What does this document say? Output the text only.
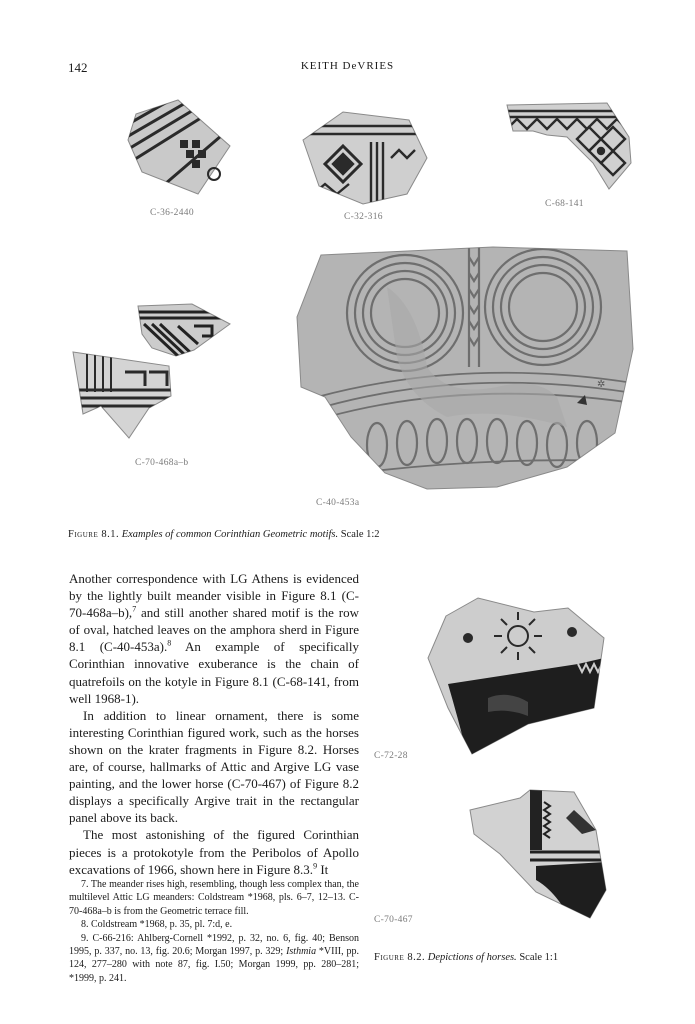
142	KEITH DeVRIES
C-36-2440	C-32-316
C-68-141
C-70-468a–b
✲
C-40-453a
Figure 8.1. Examples of common Corinthian Geometric motifs. Scale 1:2

Another correspondence with LG Athens is evidenced by the lightly built meander visible in Figure 8.1 (C-70-468a–b),$^7$ and still another shared motif is the row of oval, hatched leaves on the amphora sherd in Figure 8.1 (C-40-453a).$^8$ An example of specifically Corinthian innovative exuberance is the chain of quatrefoils on the kotyle in Figure 8.1 (C-68-141, from well 1968-1).

In addition to linear ornament, there is some interesting Corinthian figured work, such as the horses shown on the krater fragments in Figure 8.2. Horses are, of course, hallmarks of Attic and Argive LG vase painting, and the lower horse (C-70-467) of Figure 8.2 displays a specifically Argive trait in the rectangular panel above its back.

The most astonishing of the figured Corinthian pieces is a protokotyle from the Peribolos of Apollo excavations of 1966, shown here in Figure 8.3.$^9$ It

7. The meander rises high, resembling, though less complex than, the multilevel Attic LG meanders: Coldstream *1968, pls. 6–7, 12–13. C-70-468a–b is from the Geometric terrace fill.

8. Coldstream *1968, p. 35, pl. 7:d, e.

9. C-66-216: Ahlberg-Cornell *1992, p. 32, no. 6, fig. 40; Benson 1995, p. 337, no. 13, fig. 20.6; Morgan 1997, p. 329; Isthmia *VIII, pp. 124, 277–280 with note 87, fig. I.50; Morgan 1999, pp. 280–281; *1999, p. 241.

C-72-28
C-70-467
Figure 8.2. Depictions of horses. Scale 1:1
